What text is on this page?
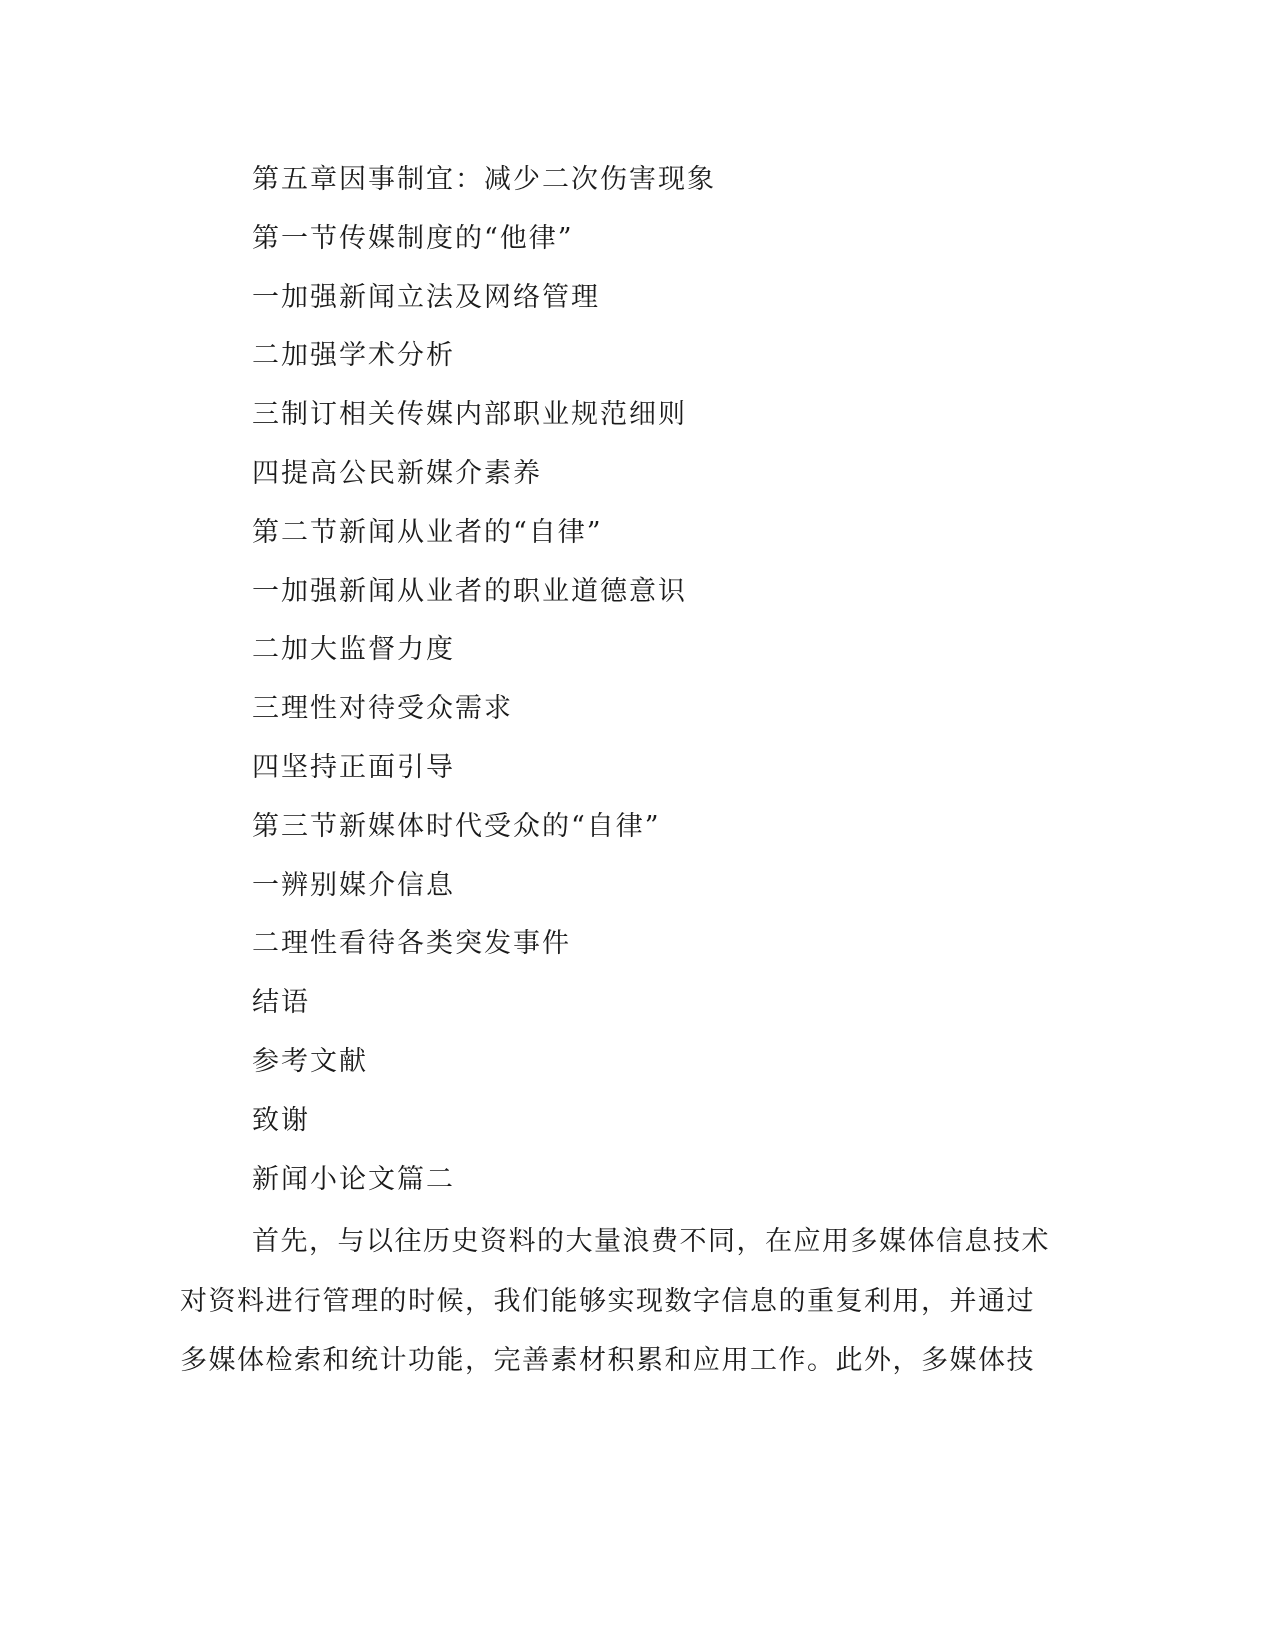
第五章因事制宜：减少二次伤害现象
第一节传媒制度的“他律”
一加强新闻立法及网络管理
二加强学术分析
三制订相关传媒内部职业规范细则
四提高公民新媒介素养
第二节新闻从业者的“自律”
一加强新闻从业者的职业道德意识
二加大监督力度
三理性对待受众需求
四坚持正面引导
第三节新媒体时代受众的“自律”
一辨别媒介信息
二理性看待各类突发事件
结语
参考文献
致谢
新闻小论文篇二
首先，与以往历史资料的大量浪费不同，在应用多媒体信息技术
对资料进行管理的时候，我们能够实现数字信息的重复利用，并通过
多媒体检索和统计功能，完善素材积累和应用工作。此外，多媒体技
